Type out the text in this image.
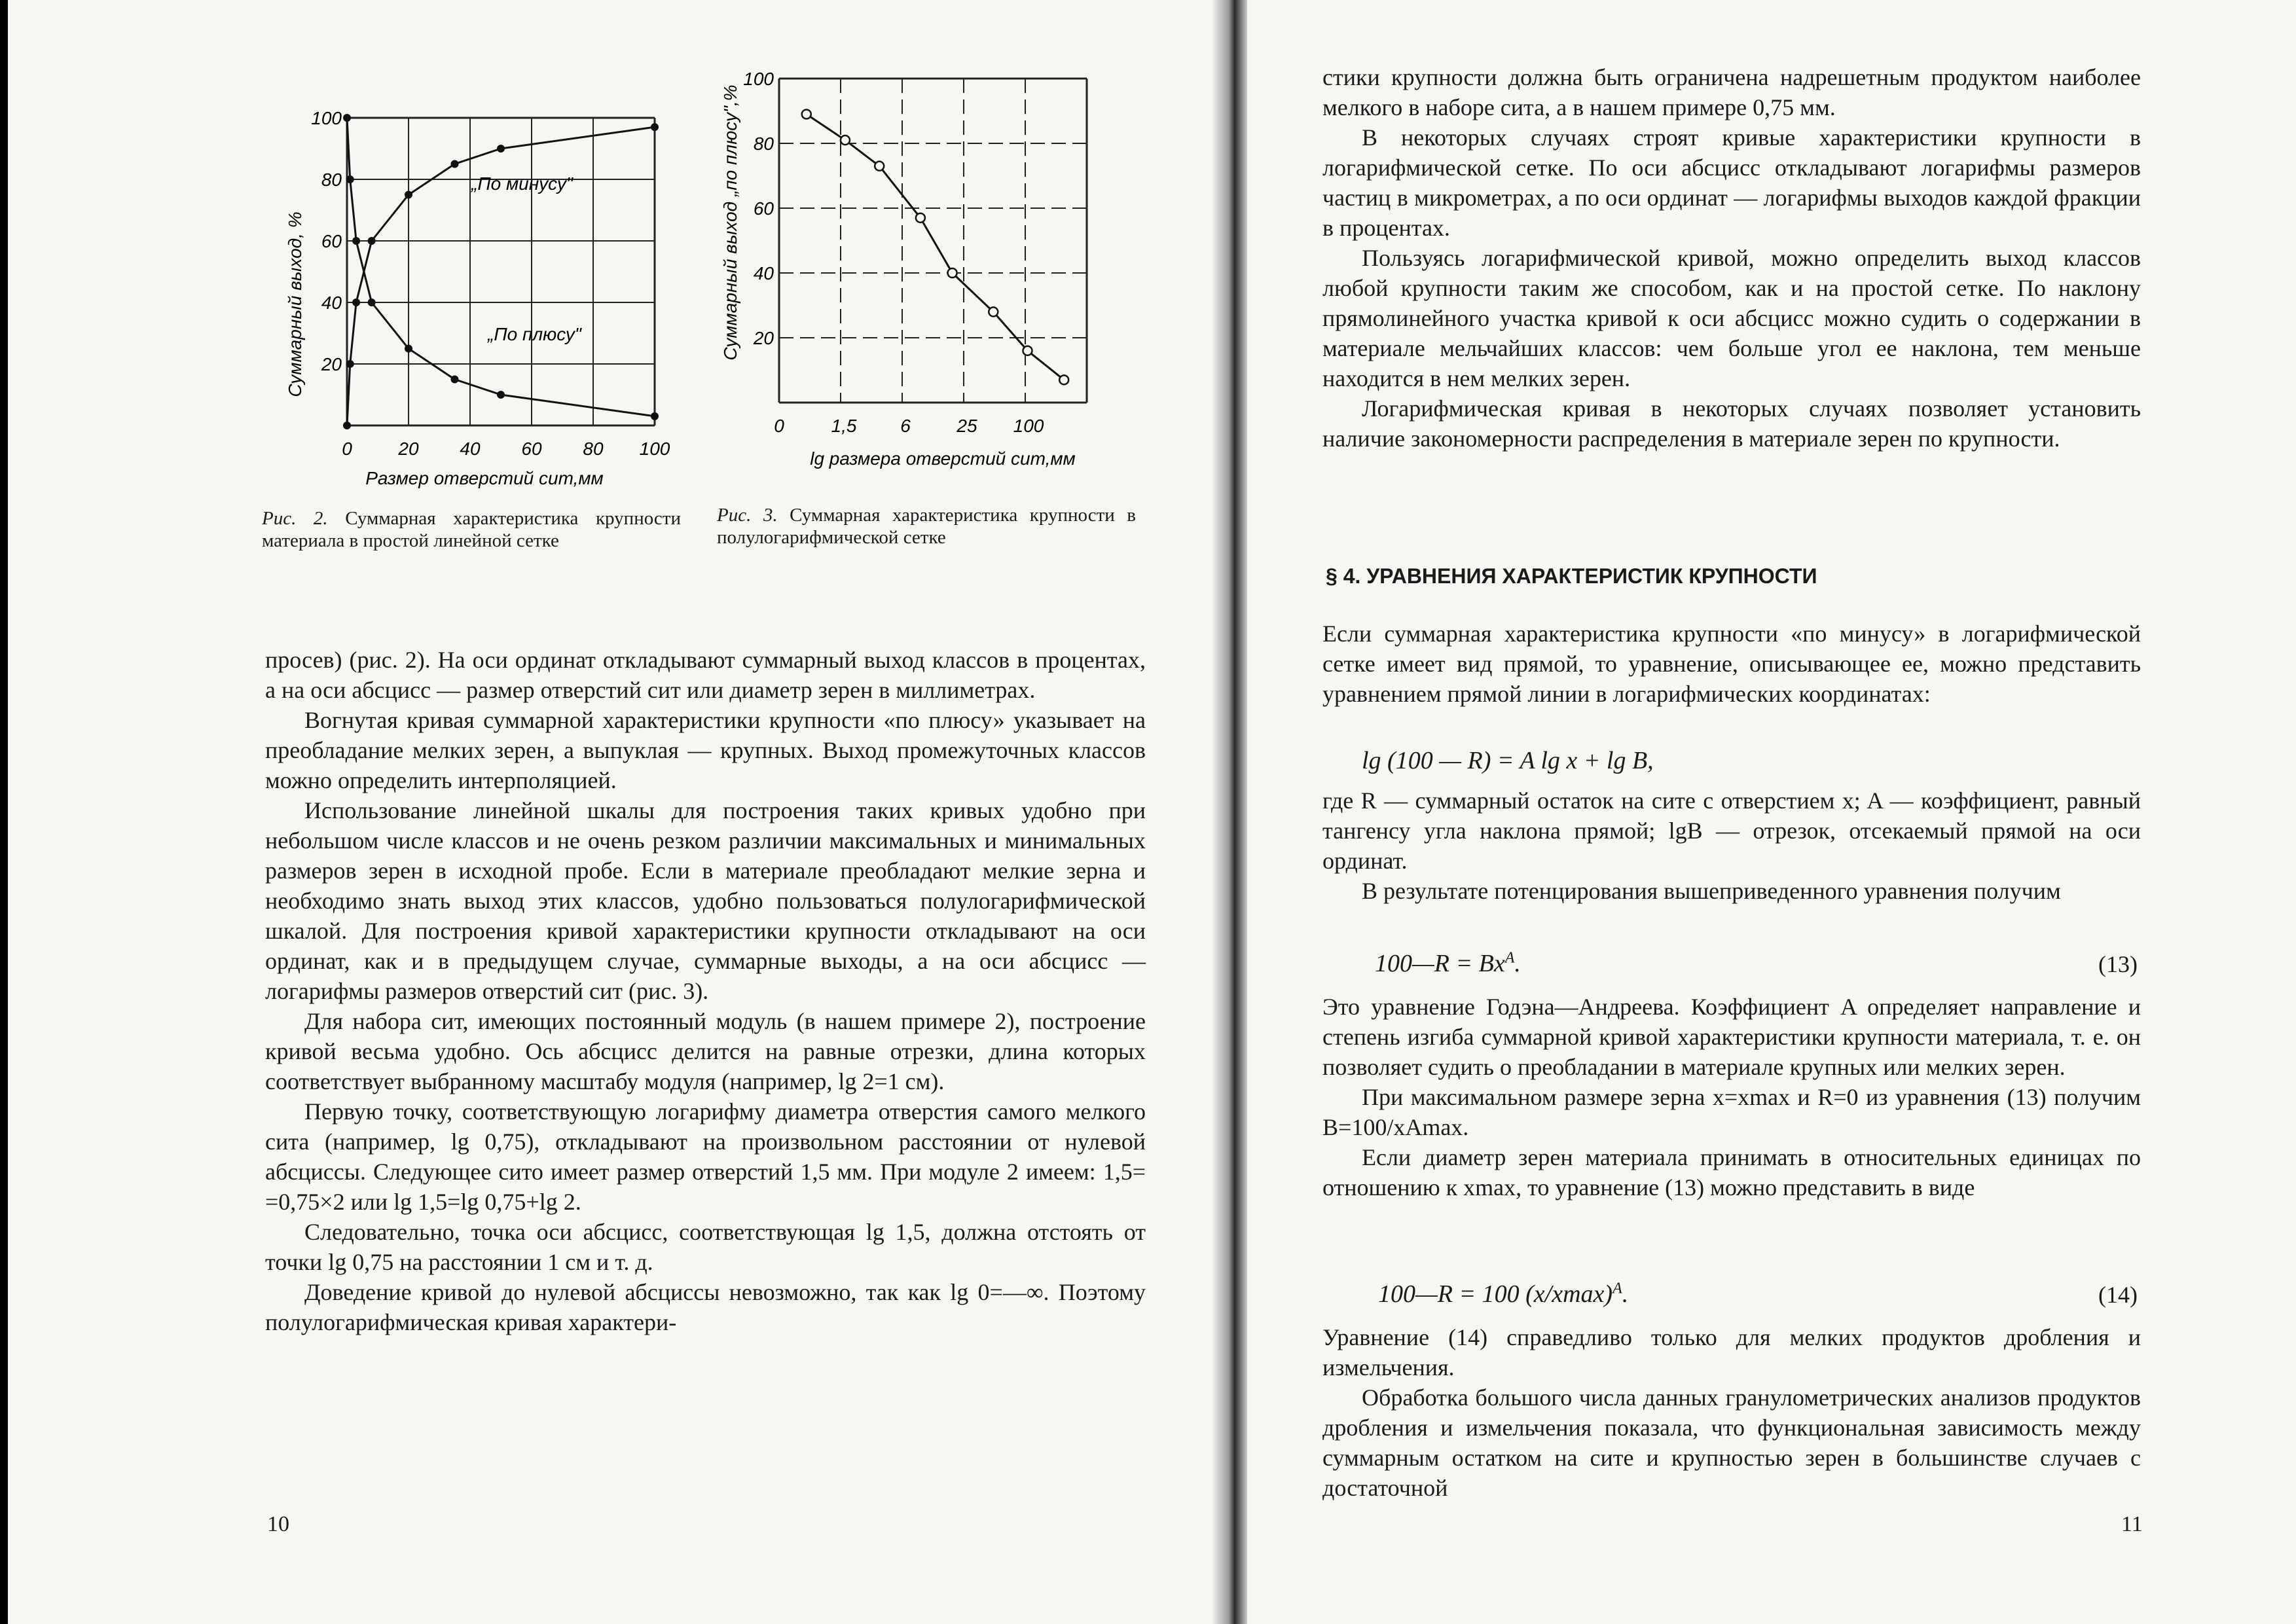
0	20 40 60 80 100
100
80
60
40
20
„По минусу"
„По плюсу"
Суммарный выход, %
Размер отверстий сит,мм
0	1,5 6	25 100
100
80
60
40
20
Суммарный выход „по плюсу",%
lg размера отверстий сит,мм
Рис. 2. Суммарная характеристика крупности материала в простой линейной сетке
Рис. 3. Суммарная характеристика крупности в полулогарифмической сетке

просев) (рис. 2). На оси ординат откладывают суммарный выход классов в процентах, а на оси абсцисс — размер отверстий сит или диаметр зерен в миллиметрах.

Вогнутая кривая суммарной характеристики крупности «по плюсу» указывает на преобладание мелких зерен, а выпуклая — крупных. Выход промежуточных классов можно определить интерполяцией.

Использование линейной шкалы для построения таких кривых удобно при небольшом числе классов и не очень резком различии максимальных и минимальных размеров зерен в исходной пробе. Если в материале преобладают мелкие зерна и необходимо знать выход этих классов, удобно пользоваться полулогарифмической шкалой. Для построения кривой характеристики крупности откладывают на оси ординат, как и в предыдущем случае, суммарные выходы, а на оси абсцисс — логарифмы размеров отверстий сит (рис. 3).

Для набора сит, имеющих постоянный модуль (в нашем примере 2), построение кривой весьма удобно. Ось абсцисс делится на равные отрезки, длина которых соответствует выбранному масштабу модуля (например, lg 2=1 см).

Первую точку, соответствующую логарифму диаметра отверстия самого мелкого сита (например, lg 0,75), откладывают на произвольном расстоянии от нулевой абсциссы. Следующее сито имеет размер отверстий 1,5 мм. При модуле 2 имеем: 1,5= =0,75×2 или lg 1,5=lg 0,75+lg 2.

Следовательно, точка оси абсцисс, соответствующая lg 1,5, должна отстоять от точки lg 0,75 на расстоянии 1 см и т. д.

Доведение кривой до нулевой абсциссы невозможно, так как lg 0=—∞. Поэтому полулогарифмическая кривая характери-

10

стики крупности должна быть ограничена надрешетным продуктом наиболее мелкого в наборе сита, а в нашем примере 0,75 мм.

В некоторых случаях строят кривые характеристики крупности в логарифмической сетке. По оси абсцисс откладывают логарифмы размеров частиц в микрометрах, а по оси ординат — логарифмы выходов каждой фракции в процентах.

Пользуясь логарифмической кривой, можно определить выход классов любой крупности таким же способом, как и на простой сетке. По наклону прямолинейного участка кривой к оси абсцисс можно судить о содержании в материале мельчайших классов: чем больше угол ее наклона, тем меньше находится в нем мелких зерен.

Логарифмическая кривая в некоторых случаях позволяет установить наличие закономерности распределения в материале зерен по крупности.

§ 4. УРАВНЕНИЯ ХАРАКТЕРИСТИК КРУПНОСТИ

Если суммарная характеристика крупности «по минусу» в логарифмической сетке имеет вид прямой, то уравнение, описывающее ее, можно представить уравнением прямой линии в логарифмических координатах:

lg (100 — R) = A lg x + lg B,

где R — суммарный остаток на сите с отверстием x; A — коэффициент, равный тангенсу угла наклона прямой; lgB — отрезок, отсекаемый прямой на оси ординат.

В результате потенцирования вышеприведенного уравнения получим

100—R = $Bx^A$.	(13)

Это уравнение Годэна—Андреева. Коэффициент A определяет направление и степень изгиба суммарной кривой характеристики крупности материала, т. е. он позволяет судить о преобладании в материале крупных или мелких зерен.

При максимальном размере зерна x=xmax и R=0 из уравнения (13) получим B=100/xAmax.

Если диаметр зерен материала принимать в относительных единицах по отношению к xmax, то уравнение (13) можно представить в виде

100—R = 100 $(x/xmax)^A$.	(14)

Уравнение (14) справедливо только для мелких продуктов дробления и измельчения.

Обработка большого числа данных гранулометрических анализов продуктов дробления и измельчения показала, что функциональная зависимость между суммарным остатком на сите и крупностью зерен в большинстве случаев с достаточной

11
